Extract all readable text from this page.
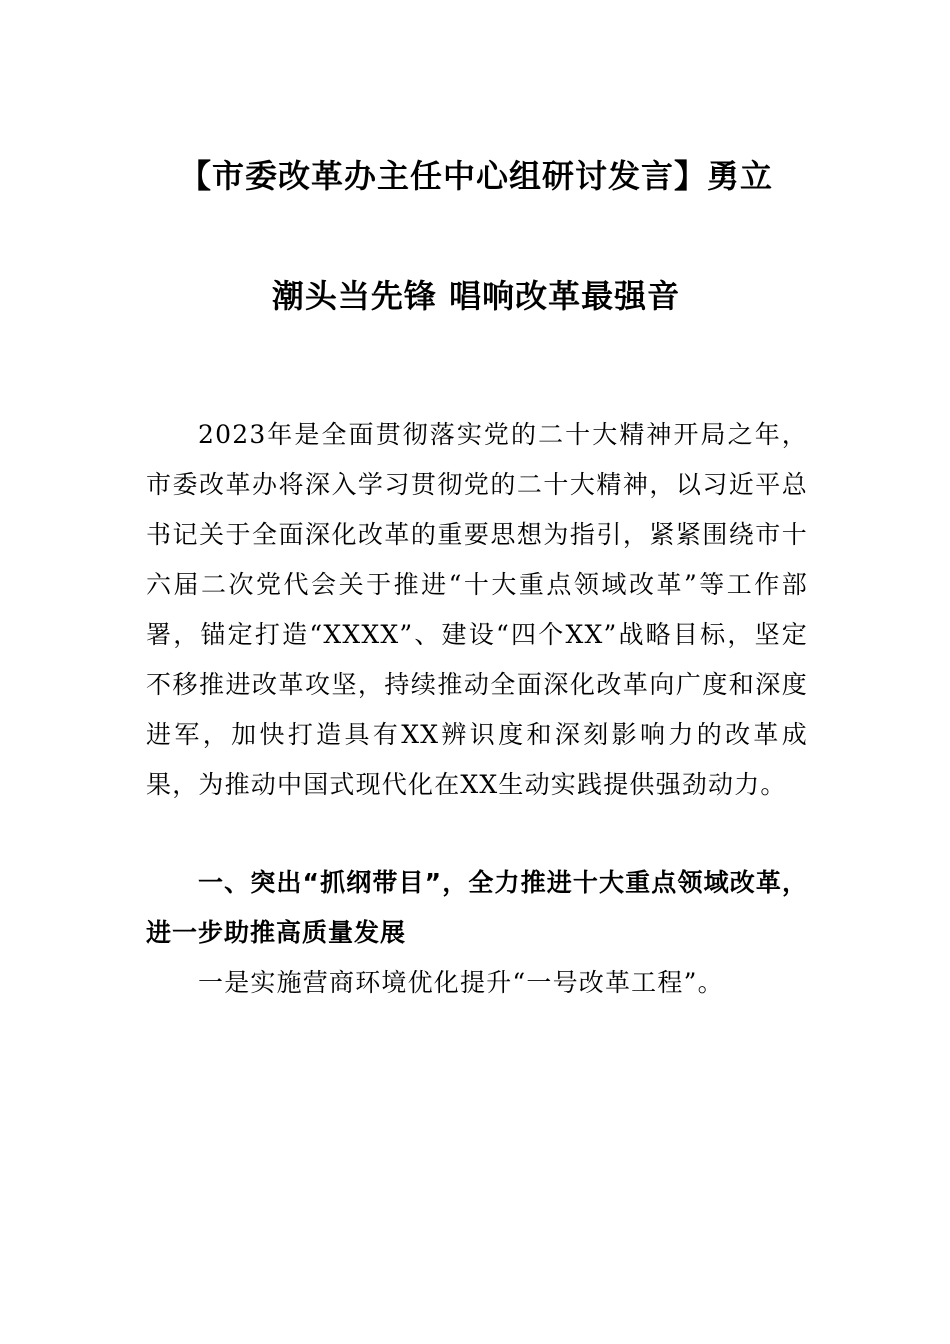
【市委改革办主任中心组研讨发言】勇立
潮头当先锋 唱响改革最强音

2023年是全面贯彻落实党的二十大精神开局之年，市委改革办将深入学习贯彻党的二十大精神，以习近平总书记关于全面深化改革的重要思想为指引，紧紧围绕市十六届二次党代会关于推进“十大重点领域改革”等工作部署，锚定打造“XXXX”、建设“四个XX”战略目标，坚定不移推进改革攻坚，持续推动全面深化改革向广度和深度进军，加快打造具有XX辨识度和深刻影响力的改革成果，为推动中国式现代化在XX生动实践提供强劲动力。

一、突出“抓纲带目”，全力推进十大重点领域改革，进一步助推高质量发展

一是实施营商环境优化提升“一号改革工程”。
